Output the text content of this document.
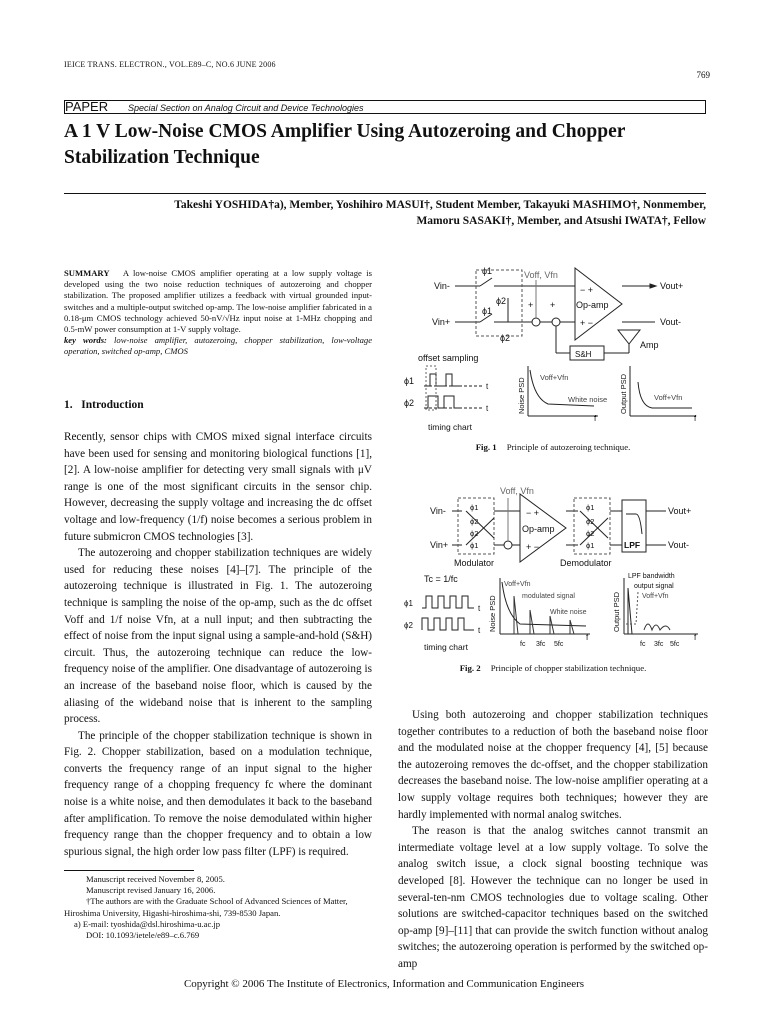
IEICE TRANS. ELECTRON., VOL.E89–C, NO.6 JUNE 2006
769
PAPER Special Section on Analog Circuit and Device Technologies
A 1 V Low-Noise CMOS Amplifier Using Autozeroing and Chopper Stabilization Technique
Takeshi YOSHIDA†a), Member, Yoshihiro MASUI†, Student Member, Takayuki MASHIMO†, Nonmember,
Mamoru SASAKI†, Member, and Atsushi IWATA†, Fellow

SUMMARY A low-noise CMOS amplifier operating at a low supply voltage is developed using the two noise reduction techniques of autozeroing and chopper stabilization. The proposed amplifier utilizes a feedback with virtual grounded input-switches and a multiple-output switched op-amp. The low-noise amplifier fabricated in a 0.18-μm CMOS technology achieved 50-nV/√Hz input noise at 1-MHz chopping and 0.5-mW power consumption at 1-V supply voltage.

key words: low-noise amplifier, autozeroing, chopper stabilization, low-voltage operation, switched op-amp, CMOS

1. Introduction

Recently, sensor chips with CMOS mixed signal interface circuits have been used for sensing and monitoring biological functions [1], [2]. A low-noise amplifier for detecting very small signals with μV range is one of the most significant circuits in the sensor chip. However, decreasing the supply voltage and increasing the dc offset voltage and low-frequency (1/f) noise becomes a serious problem in future submicron CMOS technologies [3].

The autozeroing and chopper stabilization techniques are widely used for reducing these noises [4]–[7]. The principle of the autozeroing technique is illustrated in Fig. 1. The autozeroing technique is sampling the noise of the op-amp, such as the dc offset Voff and 1/f noise Vfn, at a null input; and then subtracting the effect of noise from the input signal using a sample-and-hold (S&H) circuit. Thus, the autozeroing technique can reduce the low-frequency noise of the amplifier. One disadvantage of autozeroing is an increase of the baseband noise floor, which is caused by the aliasing of the wideband noise that is inherent to the sampling process.

The principle of the chopper stabilization technique is shown in Fig. 2. Chopper stabilization, based on a modulation technique, converts the frequency range of an input signal to the higher frequency range of a chopping frequency fc where the dominant noise is a white noise, and then demodulates it back to the baseband after amplification. To remove the noise demodulated within higher frequency range than the chopper frequency and to obtain a low spurious signal, the high order low pass filter (LPF) is required.

Manuscript received November 8, 2005.

Manuscript revised January 16, 2006.

†The authors are with the Graduate School of Advanced Sciences of Matter, Hiroshima University, Higashi-hiroshima-shi, 739-8530 Japan.

a) E-mail: tyoshida@dsl.hiroshima-u.ac.jp

DOI: 10.1093/ietele/e89–c.6.769

Vin-
Vin+
ϕ1
ϕ1
ϕ2
ϕ2
+ +
Voff, Vfn
Op-amp
− +
+ −
Vout+
Vout-
Amp
S&H
offset sampling
ϕ1
ϕ2
t
t
timing chart
Noise PSD Voff+Vfn
White noise
f
Output PSD	Voff+Vfn
f
Fig. 1 Principle of autozeroing technique.
Vin-
Vin+
ϕ1
ϕ2
ϕ2
ϕ1
Voff, Vfn
Op-amp
− +
+ −
ϕ1
ϕ2
ϕ2
ϕ1	LPF
Vout+
Vout-
Modulator	Demodulator
Tc = 1/fc
ϕ1
ϕ2
t
t
timing chart
Noise PSD
Voff+Vfn
modulated signal
White noise
fc 3fc 5fc
f
Output PSD
LPF bandwidth
output signal
Voff+Vfn
fc 3fc 5fc
f
Fig. 2 Principle of chopper stabilization technique.

Using both autozeroing and chopper stabilization techniques together contributes to a reduction of both the baseband noise floor and the modulated noise at the chopper frequency [4], [5] because the autozeroing removes the dc-offset, and the chopper stabilization decreases the baseband noise. The low-noise amplifier operating at a low supply voltage requires both techniques; however they are hardly implemented with normal analog switches.

The reason is that the analog switches cannot transmit an intermediate voltage level at a low supply voltage. To solve the analog switch issue, a clock signal boosting technique was developed [8]. However the technique can no longer be used in several-ten-nm CMOS technologies due to voltage scaling. Other solutions are switched-capacitor techniques based on the switched op-amp [9]–[11] that can provide the switch function without analog switches; the autozeroing operation is performed by the switched op-amp

Copyright © 2006 The Institute of Electronics, Information and Communication Engineers
